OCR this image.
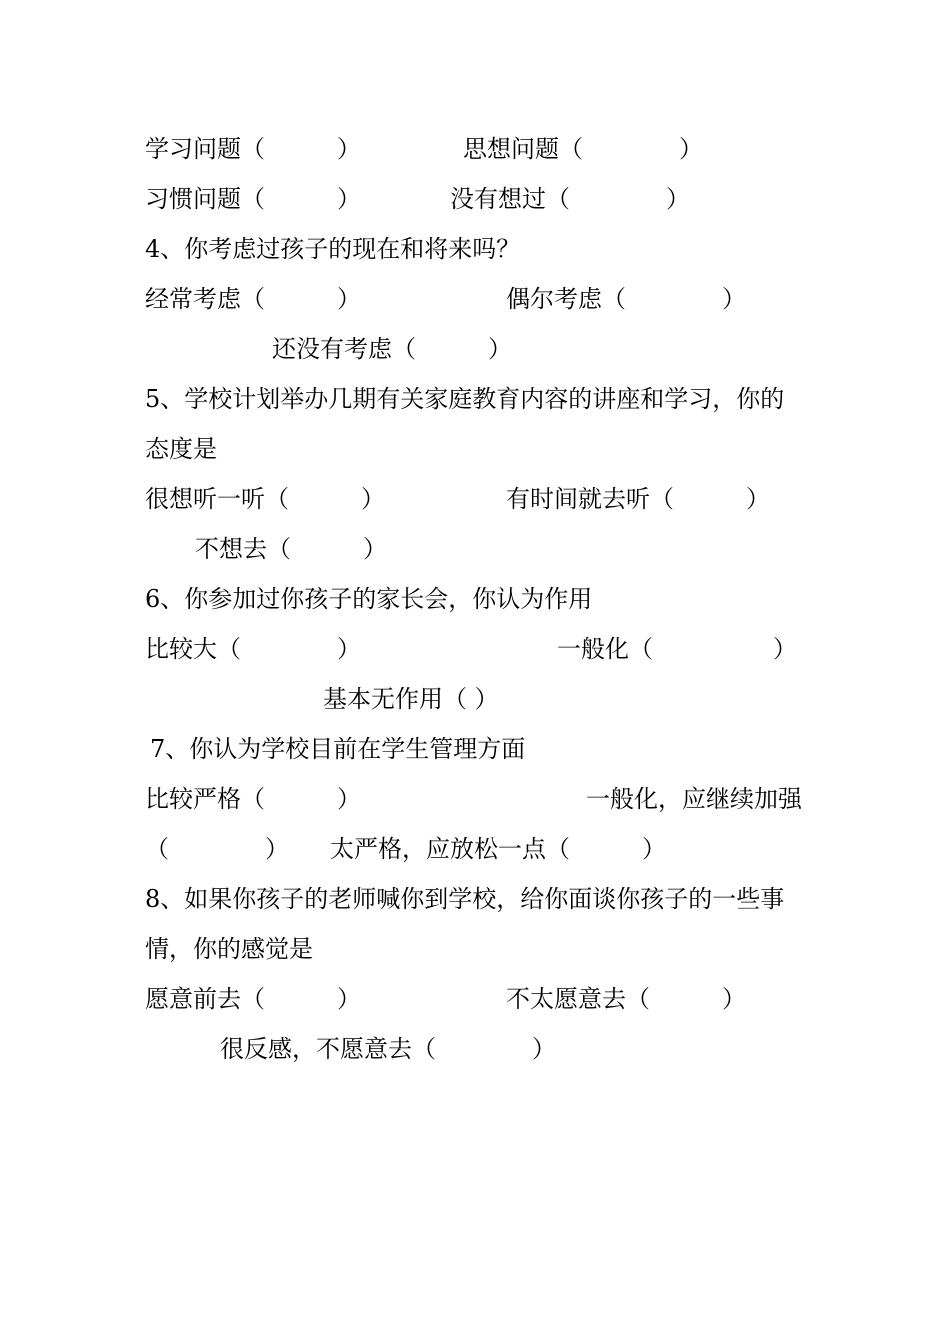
学习问题（　　　）	思想问题（　　　　）
习惯问题（　　　）	没有想过（　　　　）
4、你考虑过孩子的现在和将来吗？
经常考虑（　　　）	偶尔考虑（　　　　）
还没有考虑（　　　）
5、学校计划举办几期有关家庭教育内容的讲座和学习，你的
态度是
很想听一听（　　　）	有时间就去听（　　　）
不想去（　　　）
6、你参加过你孩子的家长会，你认为作用
比较大（　　　　）	一般化（　　　　　）
基本无作用（ ）
7、你认为学校目前在学生管理方面
比较严格（　　　）	一般化，应继续加强
（　　　　） 太严格，应放松一点（　　　）
8、如果你孩子的老师喊你到学校，给你面谈你孩子的一些事
情，你的感觉是
愿意前去（　　　）	不太愿意去（　　　）
很反感，不愿意去（　　　　）
